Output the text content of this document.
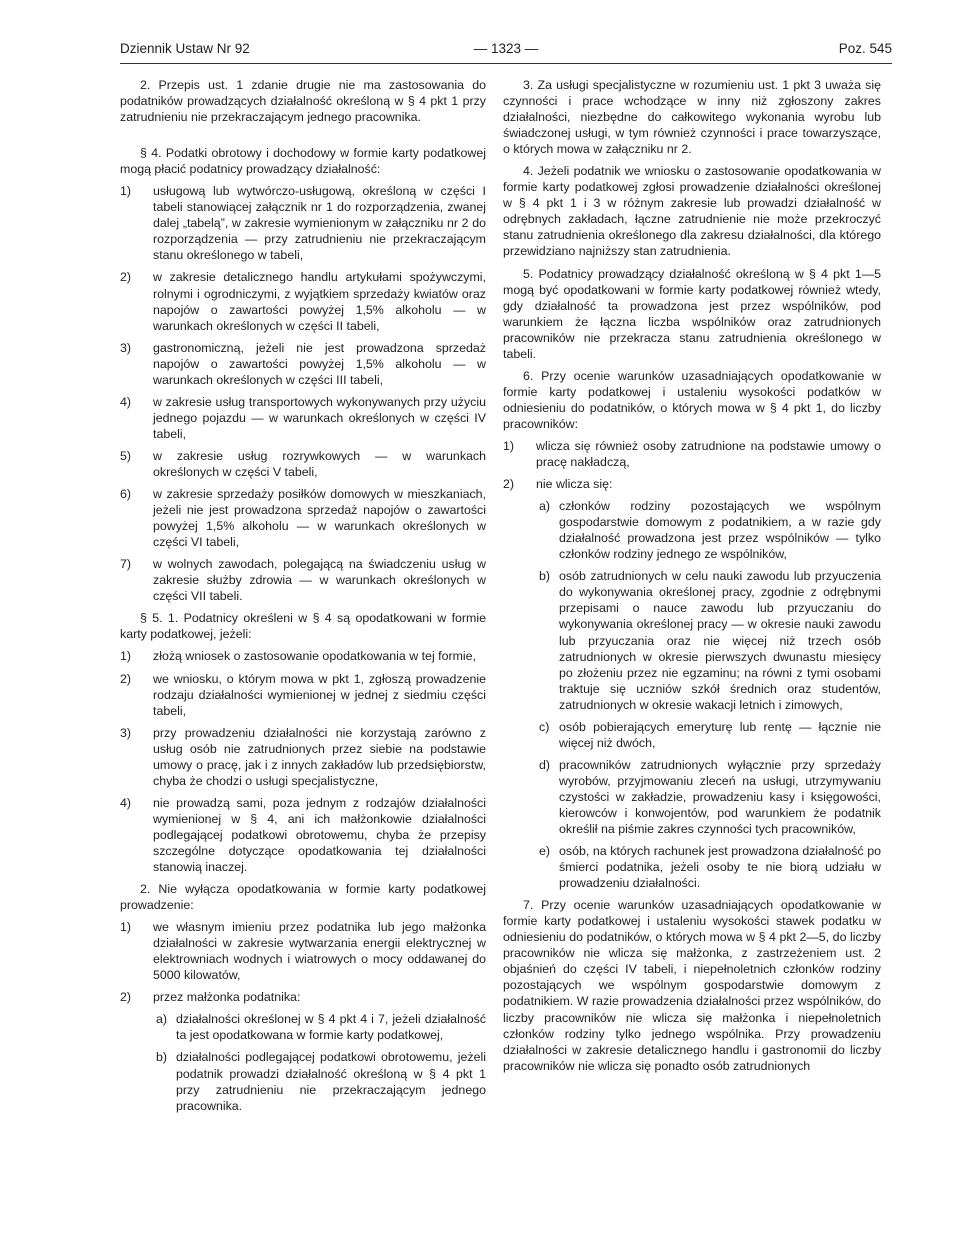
Dziennik Ustaw Nr 92	— 1323 —	Poz. 545

2. Przepis ust. 1 zdanie drugie nie ma zastosowania do podatników prowadzących działalność określoną w § 4 pkt 1 przy zatrudnieniu nie przekraczającym jednego pracownika.

§ 4. Podatki obrotowy i dochodowy w formie karty podatkowej mogą płacić podatnicy prowadzący działalność:

1) usługową lub wytwórczo-usługową, określoną w części I tabeli stanowiącej załącznik nr 1 do rozporządzenia, zwanej dalej „tabelą”, w zakresie wymienionym w załączniku nr 2 do rozporządzenia — przy zatrudnieniu nie przekraczającym stanu określonego w tabeli,
2) w zakresie detalicznego handlu artykułami spożywczymi, rolnymi i ogrodniczymi, z wyjątkiem sprzedaży kwiatów oraz napojów o zawartości powyżej 1,5% alkoholu — w warunkach określonych w części II tabeli,
3) gastronomiczną, jeżeli nie jest prowadzona sprzedaż napojów o zawartości powyżej 1,5% alkoholu — w warunkach określonych w części III tabeli,
4) w zakresie usług transportowych wykonywanych przy użyciu jednego pojazdu — w warunkach określonych w części IV tabeli,
5) w zakresie usług rozrywkowych — w warunkach określonych w części V tabeli,
6) w zakresie sprzedaży posiłków domowych w mieszkaniach, jeżeli nie jest prowadzona sprzedaż napojów o zawartości powyżej 1,5% alkoholu — w warunkach określonych w części VI tabeli,
7) w wolnych zawodach, polegającą na świadczeniu usług w zakresie służby zdrowia — w warunkach określonych w części VII tabeli.

§ 5. 1. Podatnicy określeni w § 4 są opodatkowani w formie karty podatkowej, jeżeli:

1) złożą wniosek o zastosowanie opodatkowania w tej formie,
2) we wniosku, o którym mowa w pkt 1, zgłoszą prowadzenie rodzaju działalności wymienionej w jednej z siedmiu części tabeli,
3) przy prowadzeniu działalności nie korzystają zarówno z usług osób nie zatrudnionych przez siebie na podstawie umowy o pracę, jak i z innych zakładów lub przedsiębiorstw, chyba że chodzi o usługi specjalistyczne,
4) nie prowadzą sami, poza jednym z rodzajów działalności wymienionej w § 4, ani ich małżonkowie działalności podlegającej podatkowi obrotowemu, chyba że przepisy szczególne dotyczące opodatkowania tej działalności stanowią inaczej.

2. Nie wyłącza opodatkowania w formie karty podatkowej prowadzenie:

1) we własnym imieniu przez podatnika lub jego małżonka działalności w zakresie wytwarzania energii elektrycznej w elektrowniach wodnych i wiatrowych o mocy oddawanej do 5000 kilowatów,
2) przez małżonka podatnika:
a) działalności określonej w § 4 pkt 4 i 7, jeżeli działalność ta jest opodatkowana w formie karty podatkowej,
b) działalności podlegającej podatkowi obrotowemu, jeżeli podatnik prowadzi działalność określoną w § 4 pkt 1 przy zatrudnieniu nie przekraczającym jednego pracownika.

3. Za usługi specjalistyczne w rozumieniu ust. 1 pkt 3 uważa się czynności i prace wchodzące w inny niż zgłoszony zakres działalności, niezbędne do całkowitego wykonania wyrobu lub świadczonej usługi, w tym również czynności i prace towarzyszące, o których mowa w załączniku nr 2.

4. Jeżeli podatnik we wniosku o zastosowanie opodatkowania w formie karty podatkowej zgłosi prowadzenie działalności określonej w § 4 pkt 1 i 3 w różnym zakresie lub prowadzi działalność w odrębnych zakładach, łączne zatrudnienie nie może przekroczyć stanu zatrudnienia określonego dla zakresu działalności, dla którego przewidziano najniższy stan zatrudnienia.

5. Podatnicy prowadzący działalność określoną w § 4 pkt 1—5 mogą być opodatkowani w formie karty podatkowej również wtedy, gdy działalność ta prowadzona jest przez wspólników, pod warunkiem że łączna liczba wspólników oraz zatrudnionych pracowników nie przekracza stanu zatrudnienia określonego w tabeli.

6. Przy ocenie warunków uzasadniających opodatkowanie w formie karty podatkowej i ustaleniu wysokości podatków w odniesieniu do podatników, o których mowa w § 4 pkt 1, do liczby pracowników:

1) wlicza się również osoby zatrudnione na podstawie umowy o pracę nakładczą,
2) nie wlicza się:
a) członków rodziny pozostających we wspólnym gospodarstwie domowym z podatnikiem, a w razie gdy działalność prowadzona jest przez wspólników — tylko członków rodziny jednego ze wspólników,
b) osób zatrudnionych w celu nauki zawodu lub przyuczenia do wykonywania określonej pracy, zgodnie z odrębnymi przepisami o nauce zawodu lub przyuczaniu do wykonywania określonej pracy — w okresie nauki zawodu lub przyuczania oraz nie więcej niż trzech osób zatrudnionych w okresie pierwszych dwunastu miesięcy po złożeniu przez nie egzaminu; na równi z tymi osobami traktuje się uczniów szkół średnich oraz studentów, zatrudnionych w okresie wakacji letnich i zimowych,
c) osób pobierających emeryturę lub rentę — łącznie nie więcej niż dwóch,
d) pracowników zatrudnionych wyłącznie przy sprzedaży wyrobów, przyjmowaniu zleceń na usługi, utrzymywaniu czystości w zakładzie, prowadzeniu kasy i księgowości, kierowców i konwojentów, pod warunkiem że podatnik określił na piśmie zakres czynności tych pracowników,
e) osób, na których rachunek jest prowadzona działalność po śmierci podatnika, jeżeli osoby te nie biorą udziału w prowadzeniu działalności.

7. Przy ocenie warunków uzasadniających opodatkowanie w formie karty podatkowej i ustaleniu wysokości stawek podatku w odniesieniu do podatników, o których mowa w § 4 pkt 2—5, do liczby pracowników nie wlicza się małżonka, z zastrzeżeniem ust. 2 objaśnień do części IV tabeli, i niepełnoletnich członków rodziny pozostających we wspólnym gospodarstwie domowym z podatnikiem. W razie prowadzenia działalności przez wspólników, do liczby pracowników nie wlicza się małżonka i niepełnoletnich członków rodziny tylko jednego wspólnika. Przy prowadzeniu działalności w zakresie detalicznego handlu i gastronomii do liczby pracowników nie wlicza się ponadto osób zatrudnionych
